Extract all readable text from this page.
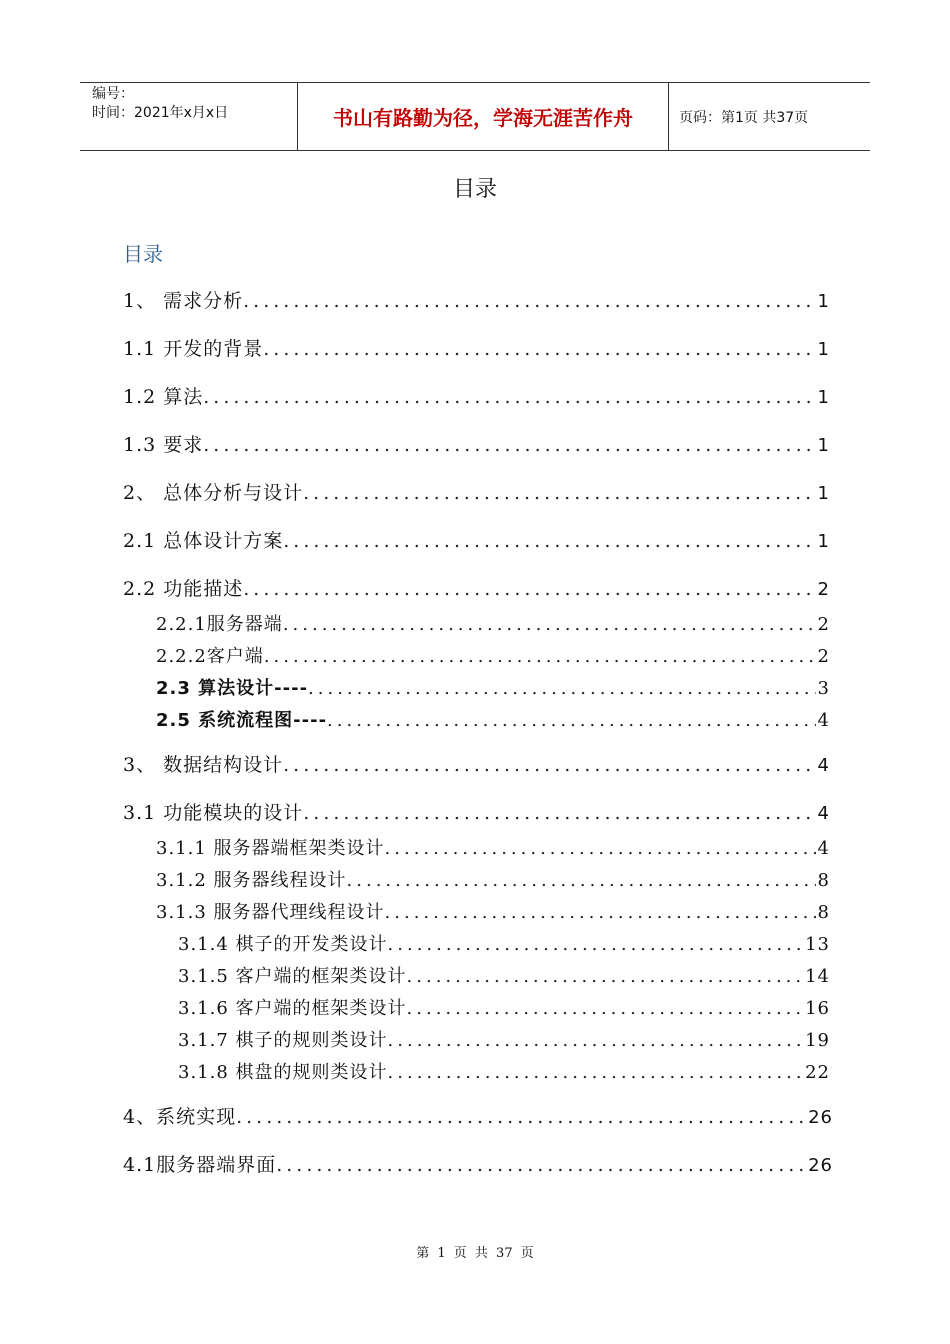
编号：
时间：2021年x月x日	书山有路勤为径，学海无涯苦作舟	页码：第1页 共37页
目录
目录
1、 需求分析 .....	1
1.1 开发的背景 .....	1
1.2 算法 .....	1
1.3 要求 .....	1
2、 总体分析与设计 .....	1
2.1 总体设计方案 .....	1
2.2 功能描述 .....	2
2.2.1服务器端 .....	2
2.2.2客户端 .....	2
2.3 算法设计---- .....	3
2.5 系统流程图---- .....	4
3、 数据结构设计 .....	4
3.1 功能模块的设计 .....	4
3.1.1 服务器端框架类设计 .....	4
3.1.2 服务器线程设计 .....	8
3.1.3 服务器代理线程设计 .....	8
3.1.4 棋子的开发类设计 .....	13
3.1.5 客户端的框架类设计 .....	14
3.1.6 客户端的框架类设计 .....	16
3.1.7 棋子的规则类设计 .....	19
3.1.8 棋盘的规则类设计 .....	22
4、系统实现 .....	26
4.1服务器端界面 .....	26
第 1 页 共 37 页
